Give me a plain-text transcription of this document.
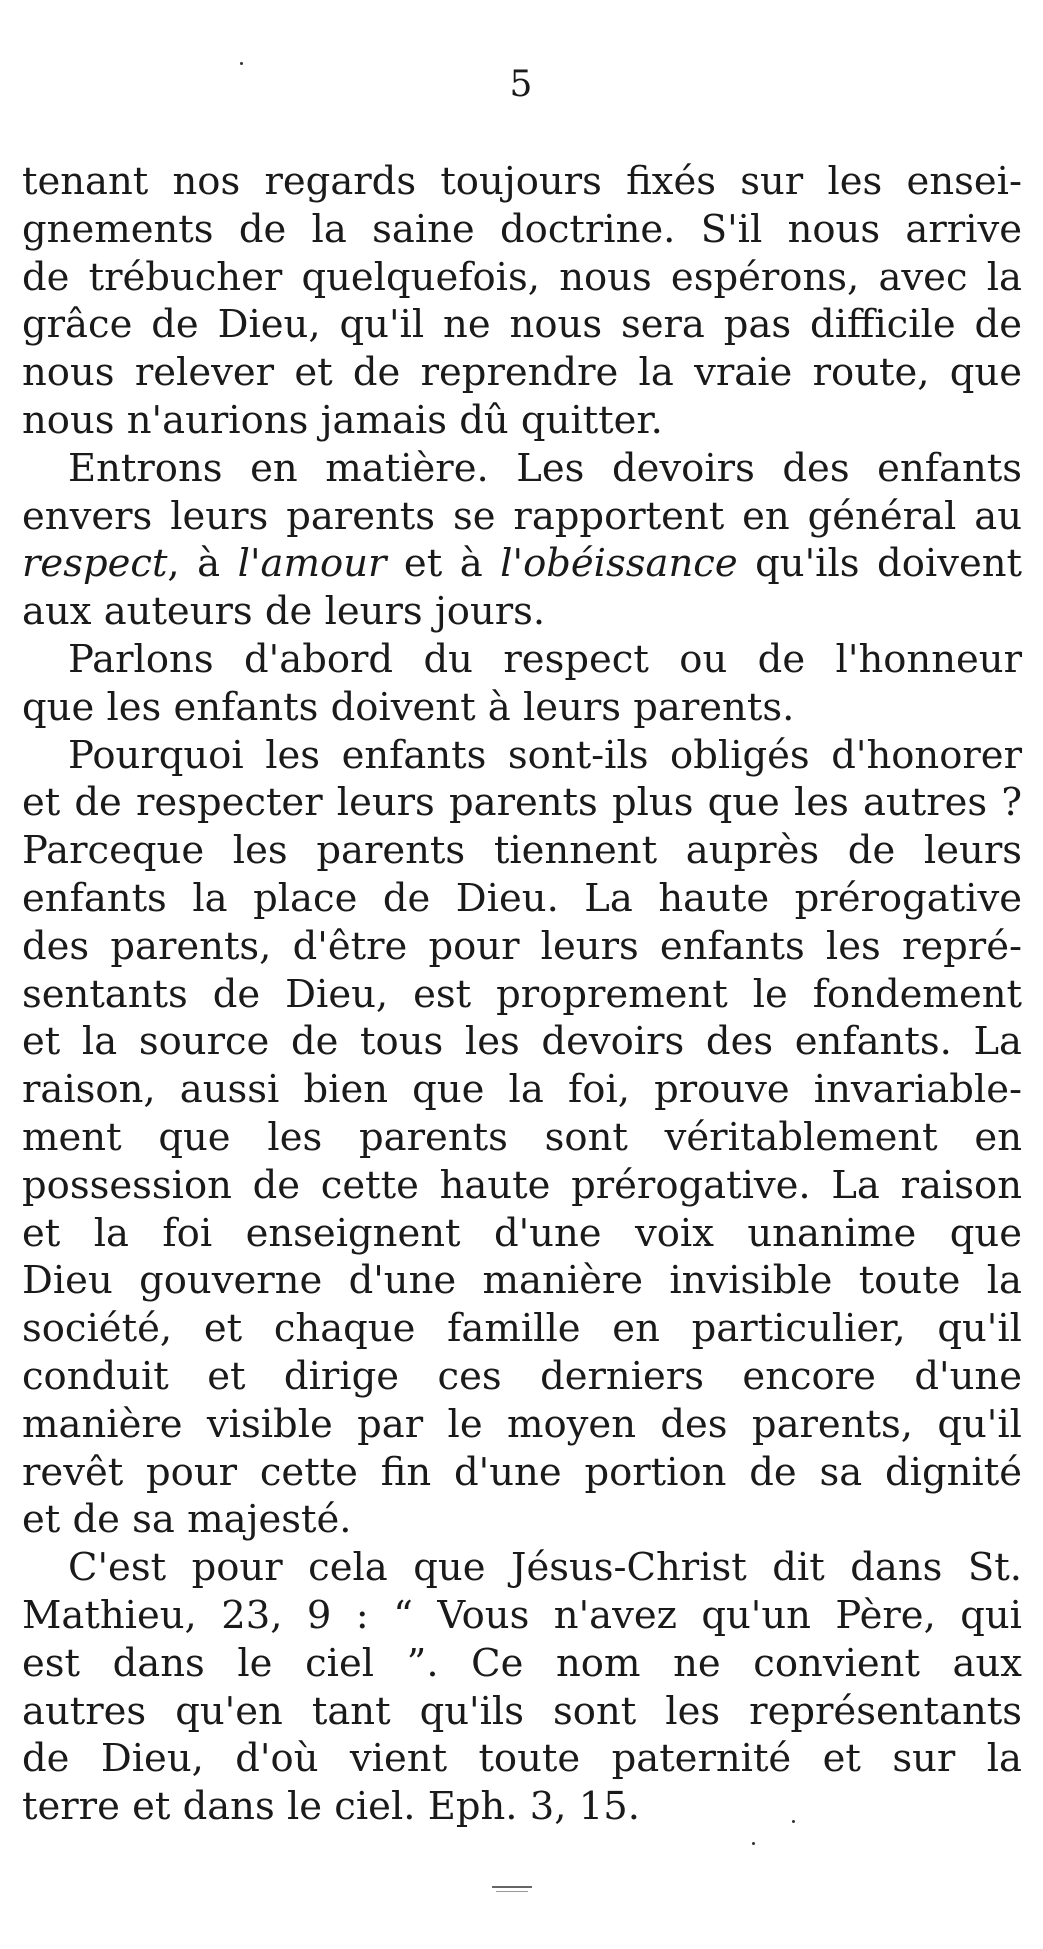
5
tenant nos regards toujours fixés sur les ensei-
gnements de la saine doctrine. S'il nous arrive
de trébucher quelquefois, nous espérons, avec la
grâce de Dieu, qu'il ne nous sera pas difficile de
nous relever et de reprendre la vraie route, que
nous n'aurions jamais dû quitter.
Entrons en matière. Les devoirs des enfants
envers leurs parents se rapportent en général au
respect, à l'amour et à l'obéissance qu'ils doivent
aux auteurs de leurs jours.
Parlons d'abord du respect ou de l'honneur
que les enfants doivent à leurs parents.
Pourquoi les enfants sont-ils obligés d'honorer
et de respecter leurs parents plus que les autres ?
Parceque les parents tiennent auprès de leurs
enfants la place de Dieu. La haute prérogative
des parents, d'être pour leurs enfants les repré-
sentants de Dieu, est proprement le fondement
et la source de tous les devoirs des enfants. La
raison, aussi bien que la foi, prouve invariable-
ment que les parents sont véritablement en
possession de cette haute prérogative. La raison
et la foi enseignent d'une voix unanime que
Dieu gouverne d'une manière invisible toute la
société, et chaque famille en particulier, qu'il
conduit et dirige ces derniers encore d'une
manière visible par le moyen des parents, qu'il
revêt pour cette fin d'une portion de sa dignité
et de sa majesté.
C'est pour cela que Jésus-Christ dit dans St.
Mathieu, 23, 9 : “ Vous n'avez qu'un Père, qui
est dans le ciel ”. Ce nom ne convient aux
autres qu'en tant qu'ils sont les représentants
de Dieu, d'où vient toute paternité et sur la
terre et dans le ciel. Eph. 3, 15.
